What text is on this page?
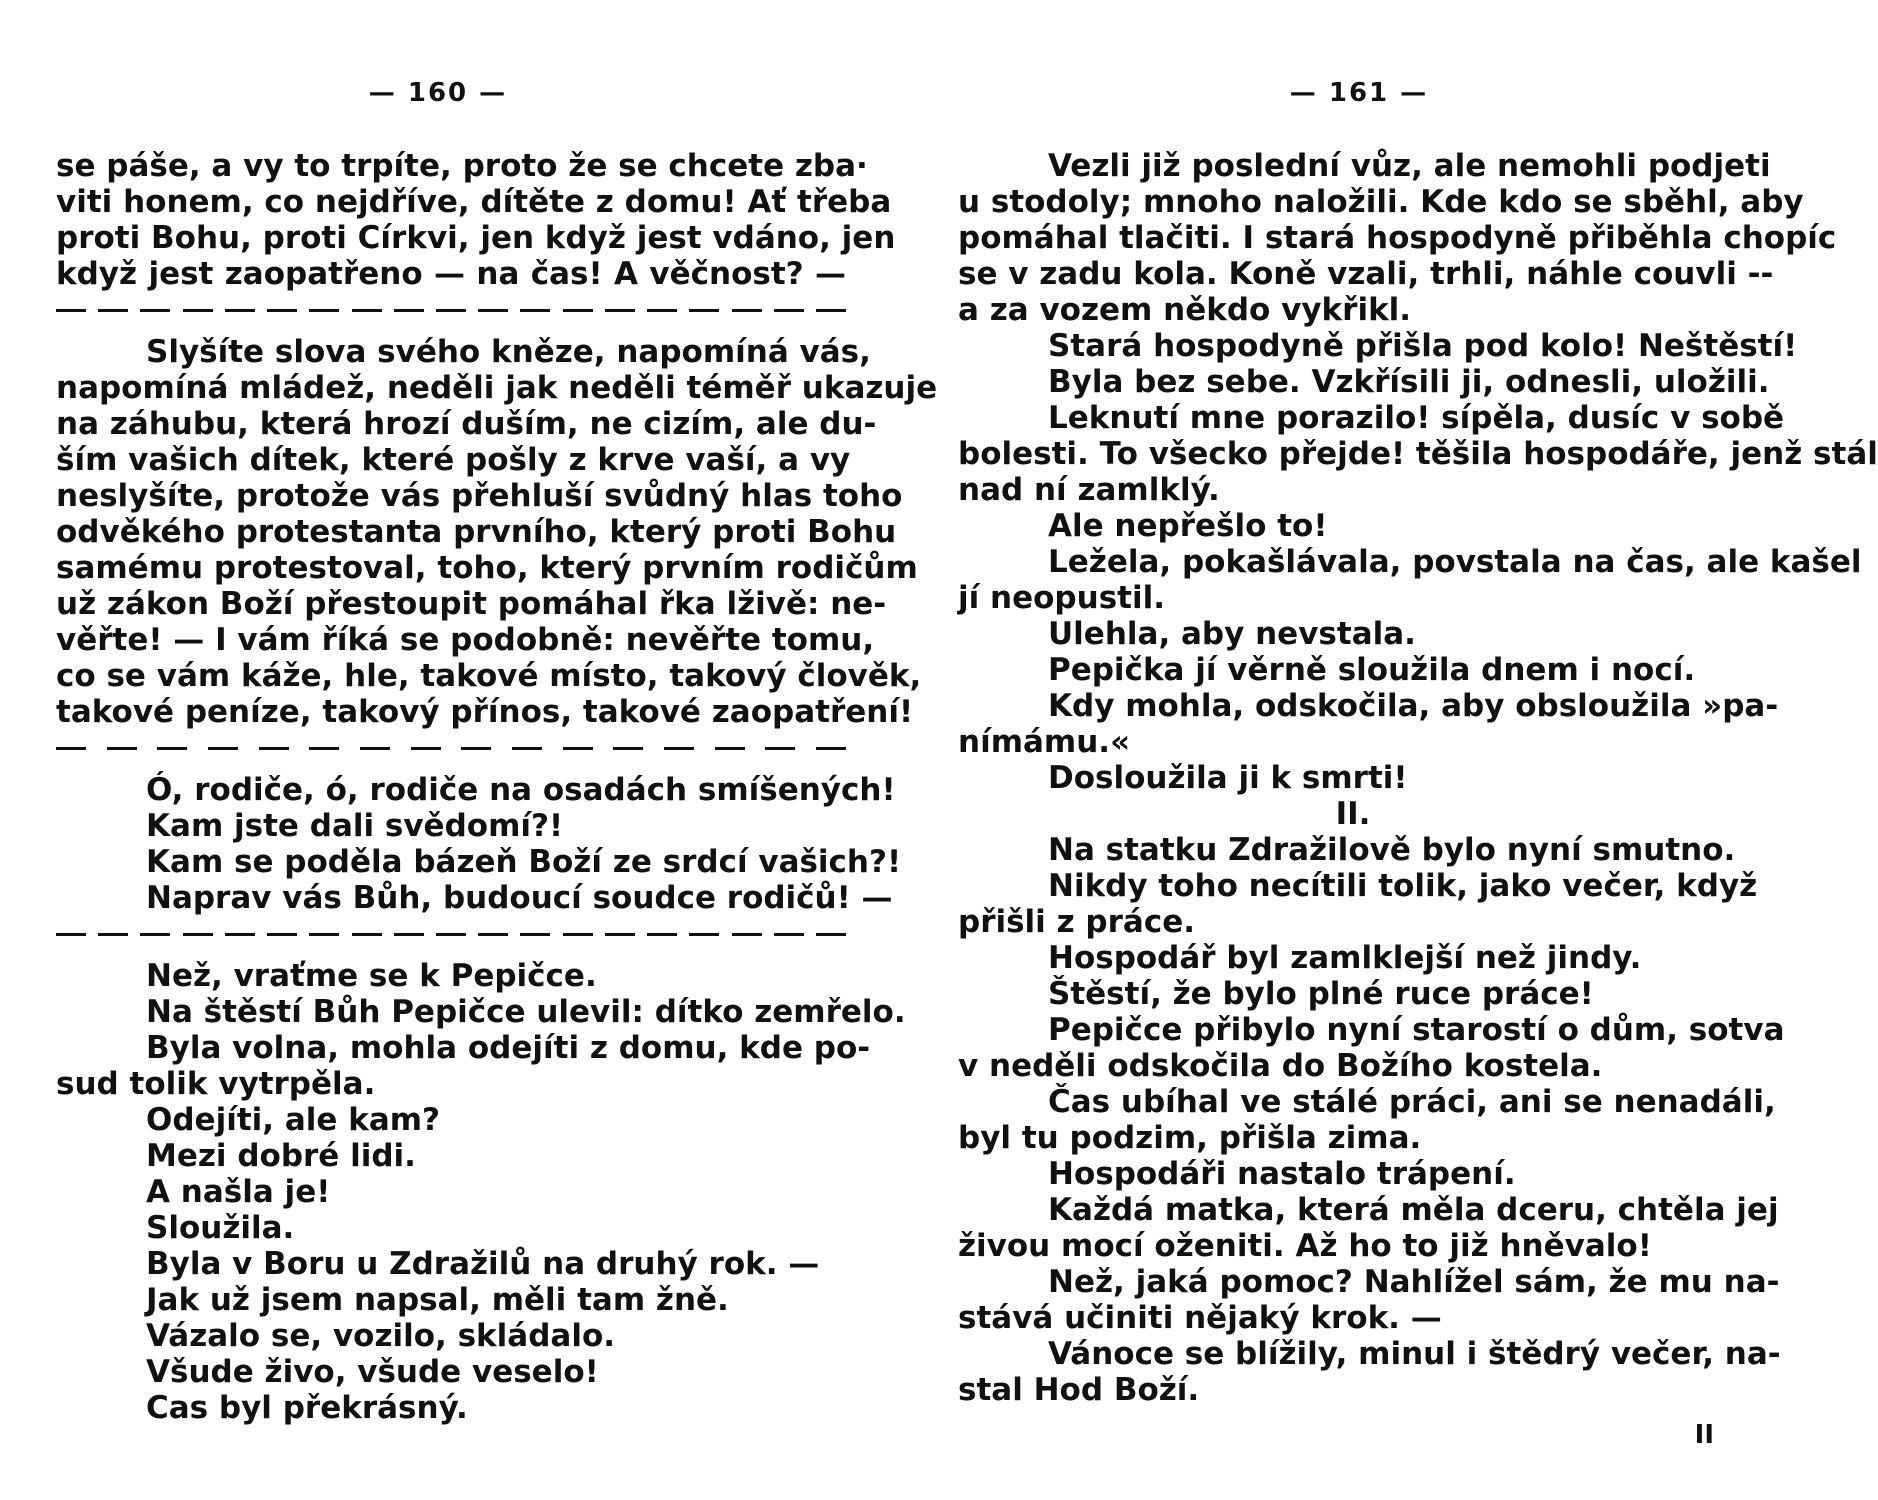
— 160 —
se páše, a vy to trpíte, proto že se chcete zba·
viti honem, co nejdříve, dítěte z domu! Ať třeba
proti Bohu, proti Církvi, jen když jest vdáno, jen
když jest zaopatřeno — na čas! A věčnost? —
Slyšíte slova svého kněze, napomíná vás,
napomíná mládež, neděli jak neděli téměř ukazuje
na záhubu, která hrozí duším, ne cizím, ale du-
ším vašich dítek, které pošly z krve vaší, a vy
neslyšíte, protože vás přehluší svůdný hlas toho
odvěkého protestanta prvního, který proti Bohu
samému protestoval, toho, který prvním rodičům
už zákon Boží přestoupit pomáhal řka lživě: ne-
věřte! — I vám říká se podobně: nevěřte tomu,
co se vám káže, hle, takové místo, takový člověk,
takové peníze, takový přínos, takové zaopatření!
Ó, rodiče, ó, rodiče na osadách smíšených!
Kam jste dali svědomí?!
Kam se poděla bázeň Boží ze srdcí vašich?!
Naprav vás Bůh, budoucí soudce rodičů! —
Než, vraťme se k Pepičce.
Na štěstí Bůh Pepičce ulevil: dítko zemřelo.
Byla volna, mohla odejíti z domu, kde po-
sud tolik vytrpěla.
Odejíti, ale kam?
Mezi dobré lidi.
A našla je!
Sloužila.
Byla v Boru u Zdražilů na druhý rok. —
Jak už jsem napsal, měli tam žně.
Vázalo se, vozilo, skládalo.
Všude živo, všude veselo!
Cas byl překrásný.
— 161 —
Vezli již poslední vůz, ale nemohli podjeti
u stodoly; mnoho naložili. Kde kdo se sběhl, aby
pomáhal tlačiti. I stará hospodyně přiběhla chopíc
se v zadu kola. Koně vzali, trhli, náhle couvli --
a za vozem někdo vykřikl.
Stará hospodyně přišla pod kolo! Neštěstí!
Byla bez sebe. Vzkřísili ji, odnesli, uložili.
Leknutí mne porazilo! sípěla, dusíc v sobě
bolesti. To všecko přejde! těšila hospodáře, jenž stál
nad ní zamlklý.
Ale nepřešlo to!
Ležela, pokašlávala, povstala na čas, ale kašel
jí neopustil.
Ulehla, aby nevstala.
Pepička jí věrně sloužila dnem i nocí.
Kdy mohla, odskočila, aby obsloužila »pa-
nímámu.«
Dosloužila ji k smrti!
II.
Na statku Zdražilově bylo nyní smutno.
Nikdy toho necítili tolik, jako večer, když
přišli z práce.
Hospodář byl zamlklejší než jindy.
Štěstí, že bylo plné ruce práce!
Pepičce přibylo nyní starostí o dům, sotva
v neděli odskočila do Božího kostela.
Čas ubíhal ve stálé práci, ani se nenadáli,
byl tu podzim, přišla zima.
Hospodáři nastalo trápení.
Každá matka, která měla dceru, chtěla jej
živou mocí oženiti. Až ho to již hněvalo!
Než, jaká pomoc? Nahlížel sám, že mu na-
stává učiniti nějaký krok. —
Vánoce se blížily, minul i štědrý večer, na-
stal Hod Boží.
II
